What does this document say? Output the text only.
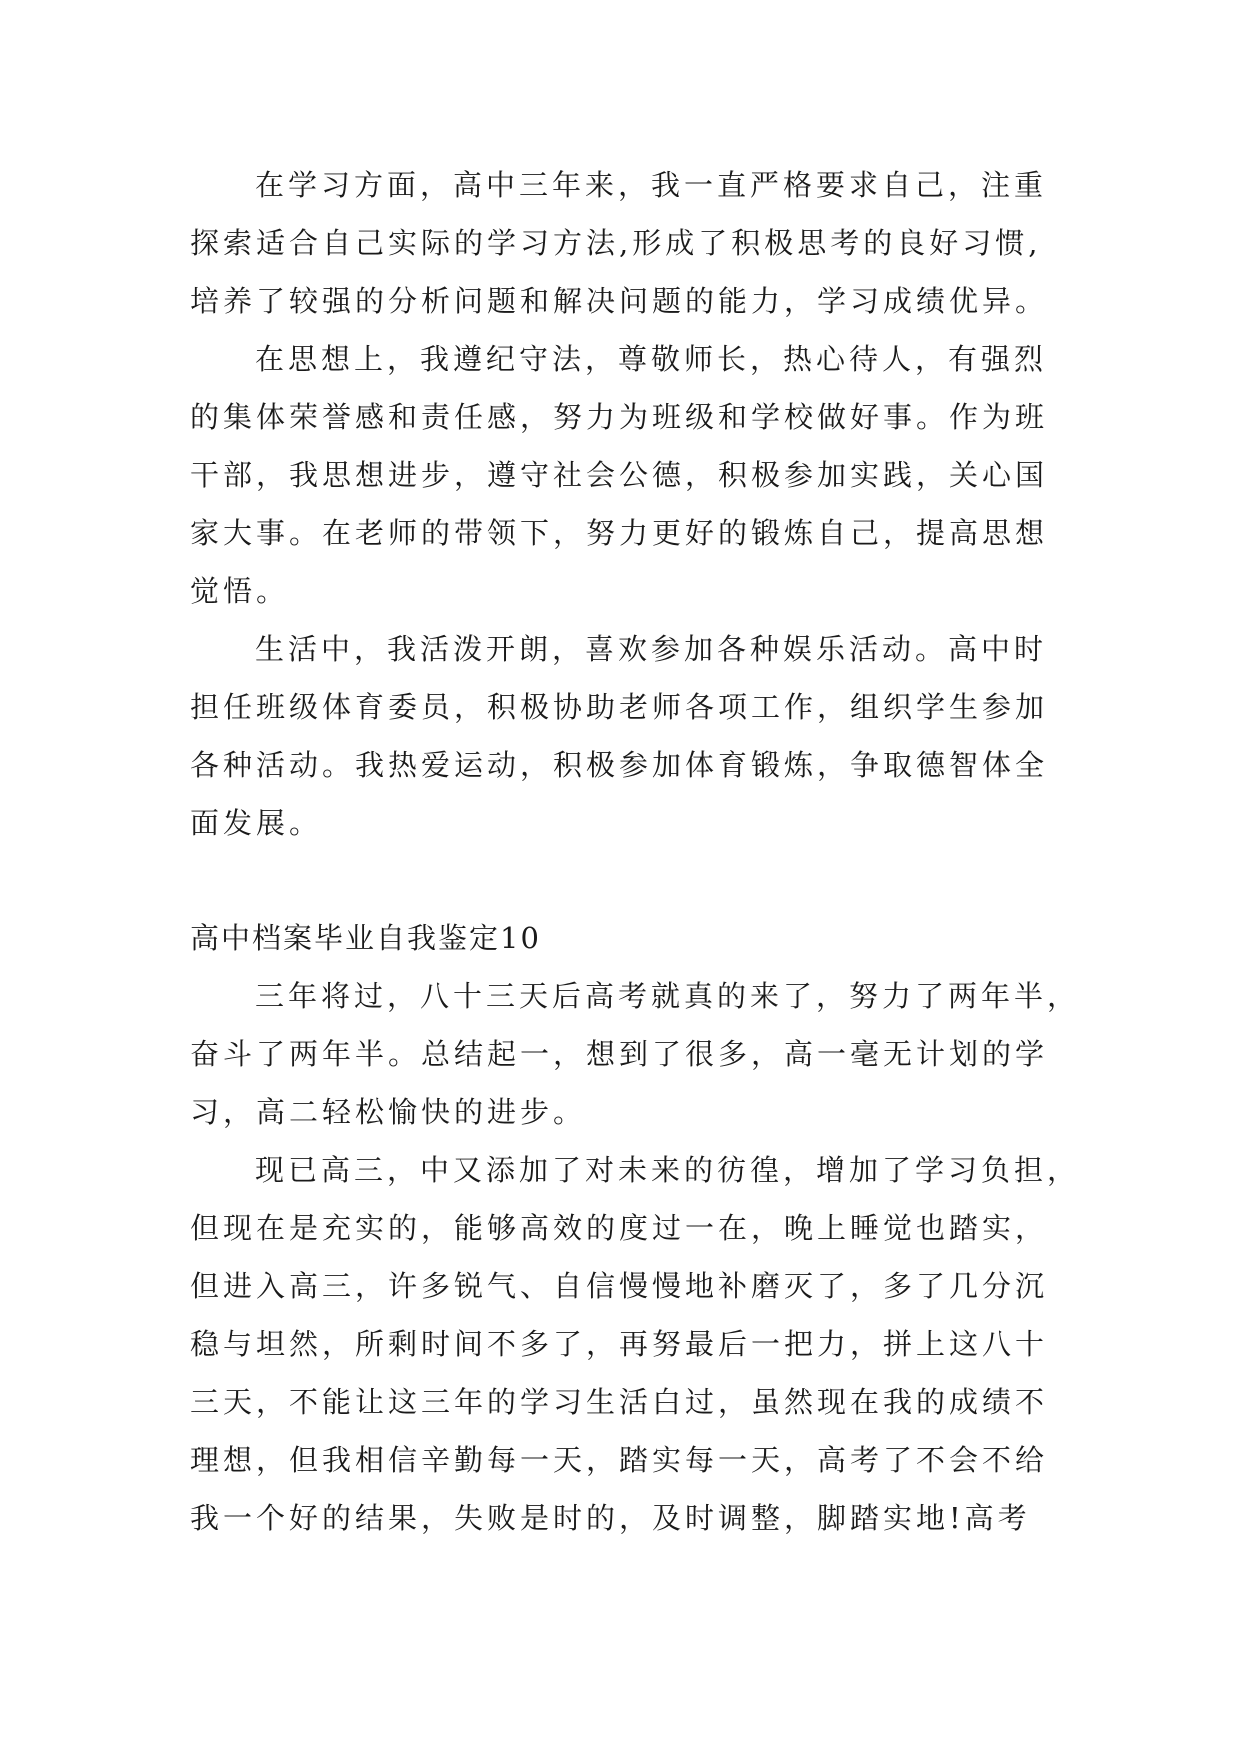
在学习方面，高中三年来，我一直严格要求自己，注重
探索适合自己实际的学习方法,形成了积极思考的良好习惯,
培养了较强的分析问题和解决问题的能力，学习成绩优异。
在思想上，我遵纪守法，尊敬师长，热心待人，有强烈
的集体荣誉感和责任感，努力为班级和学校做好事。作为班
干部，我思想进步，遵守社会公德，积极参加实践，关心国
家大事。在老师的带领下，努力更好的锻炼自己，提高思想
觉悟。
生活中，我活泼开朗，喜欢参加各种娱乐活动。高中时
担任班级体育委员，积极协助老师各项工作，组织学生参加
各种活动。我热爱运动，积极参加体育锻炼，争取德智体全
面发展。
高中档案毕业自我鉴定10
三年将过，八十三天后高考就真的来了，努力了两年半，
奋斗了两年半。总结起一，想到了很多，高一毫无计划的学
习，高二轻松愉快的进步。
现已高三，中又添加了对未来的彷徨，增加了学习负担，
但现在是充实的，能够高效的度过一在，晚上睡觉也踏实，
但进入高三，许多锐气、自信慢慢地补磨灭了，多了几分沉
稳与坦然，所剩时间不多了，再努最后一把力，拼上这八十
三天，不能让这三年的学习生活白过，虽然现在我的成绩不
理想，但我相信辛勤每一天，踏实每一天，高考了不会不给
我一个好的结果，失败是时的，及时调整，脚踏实地!高考
